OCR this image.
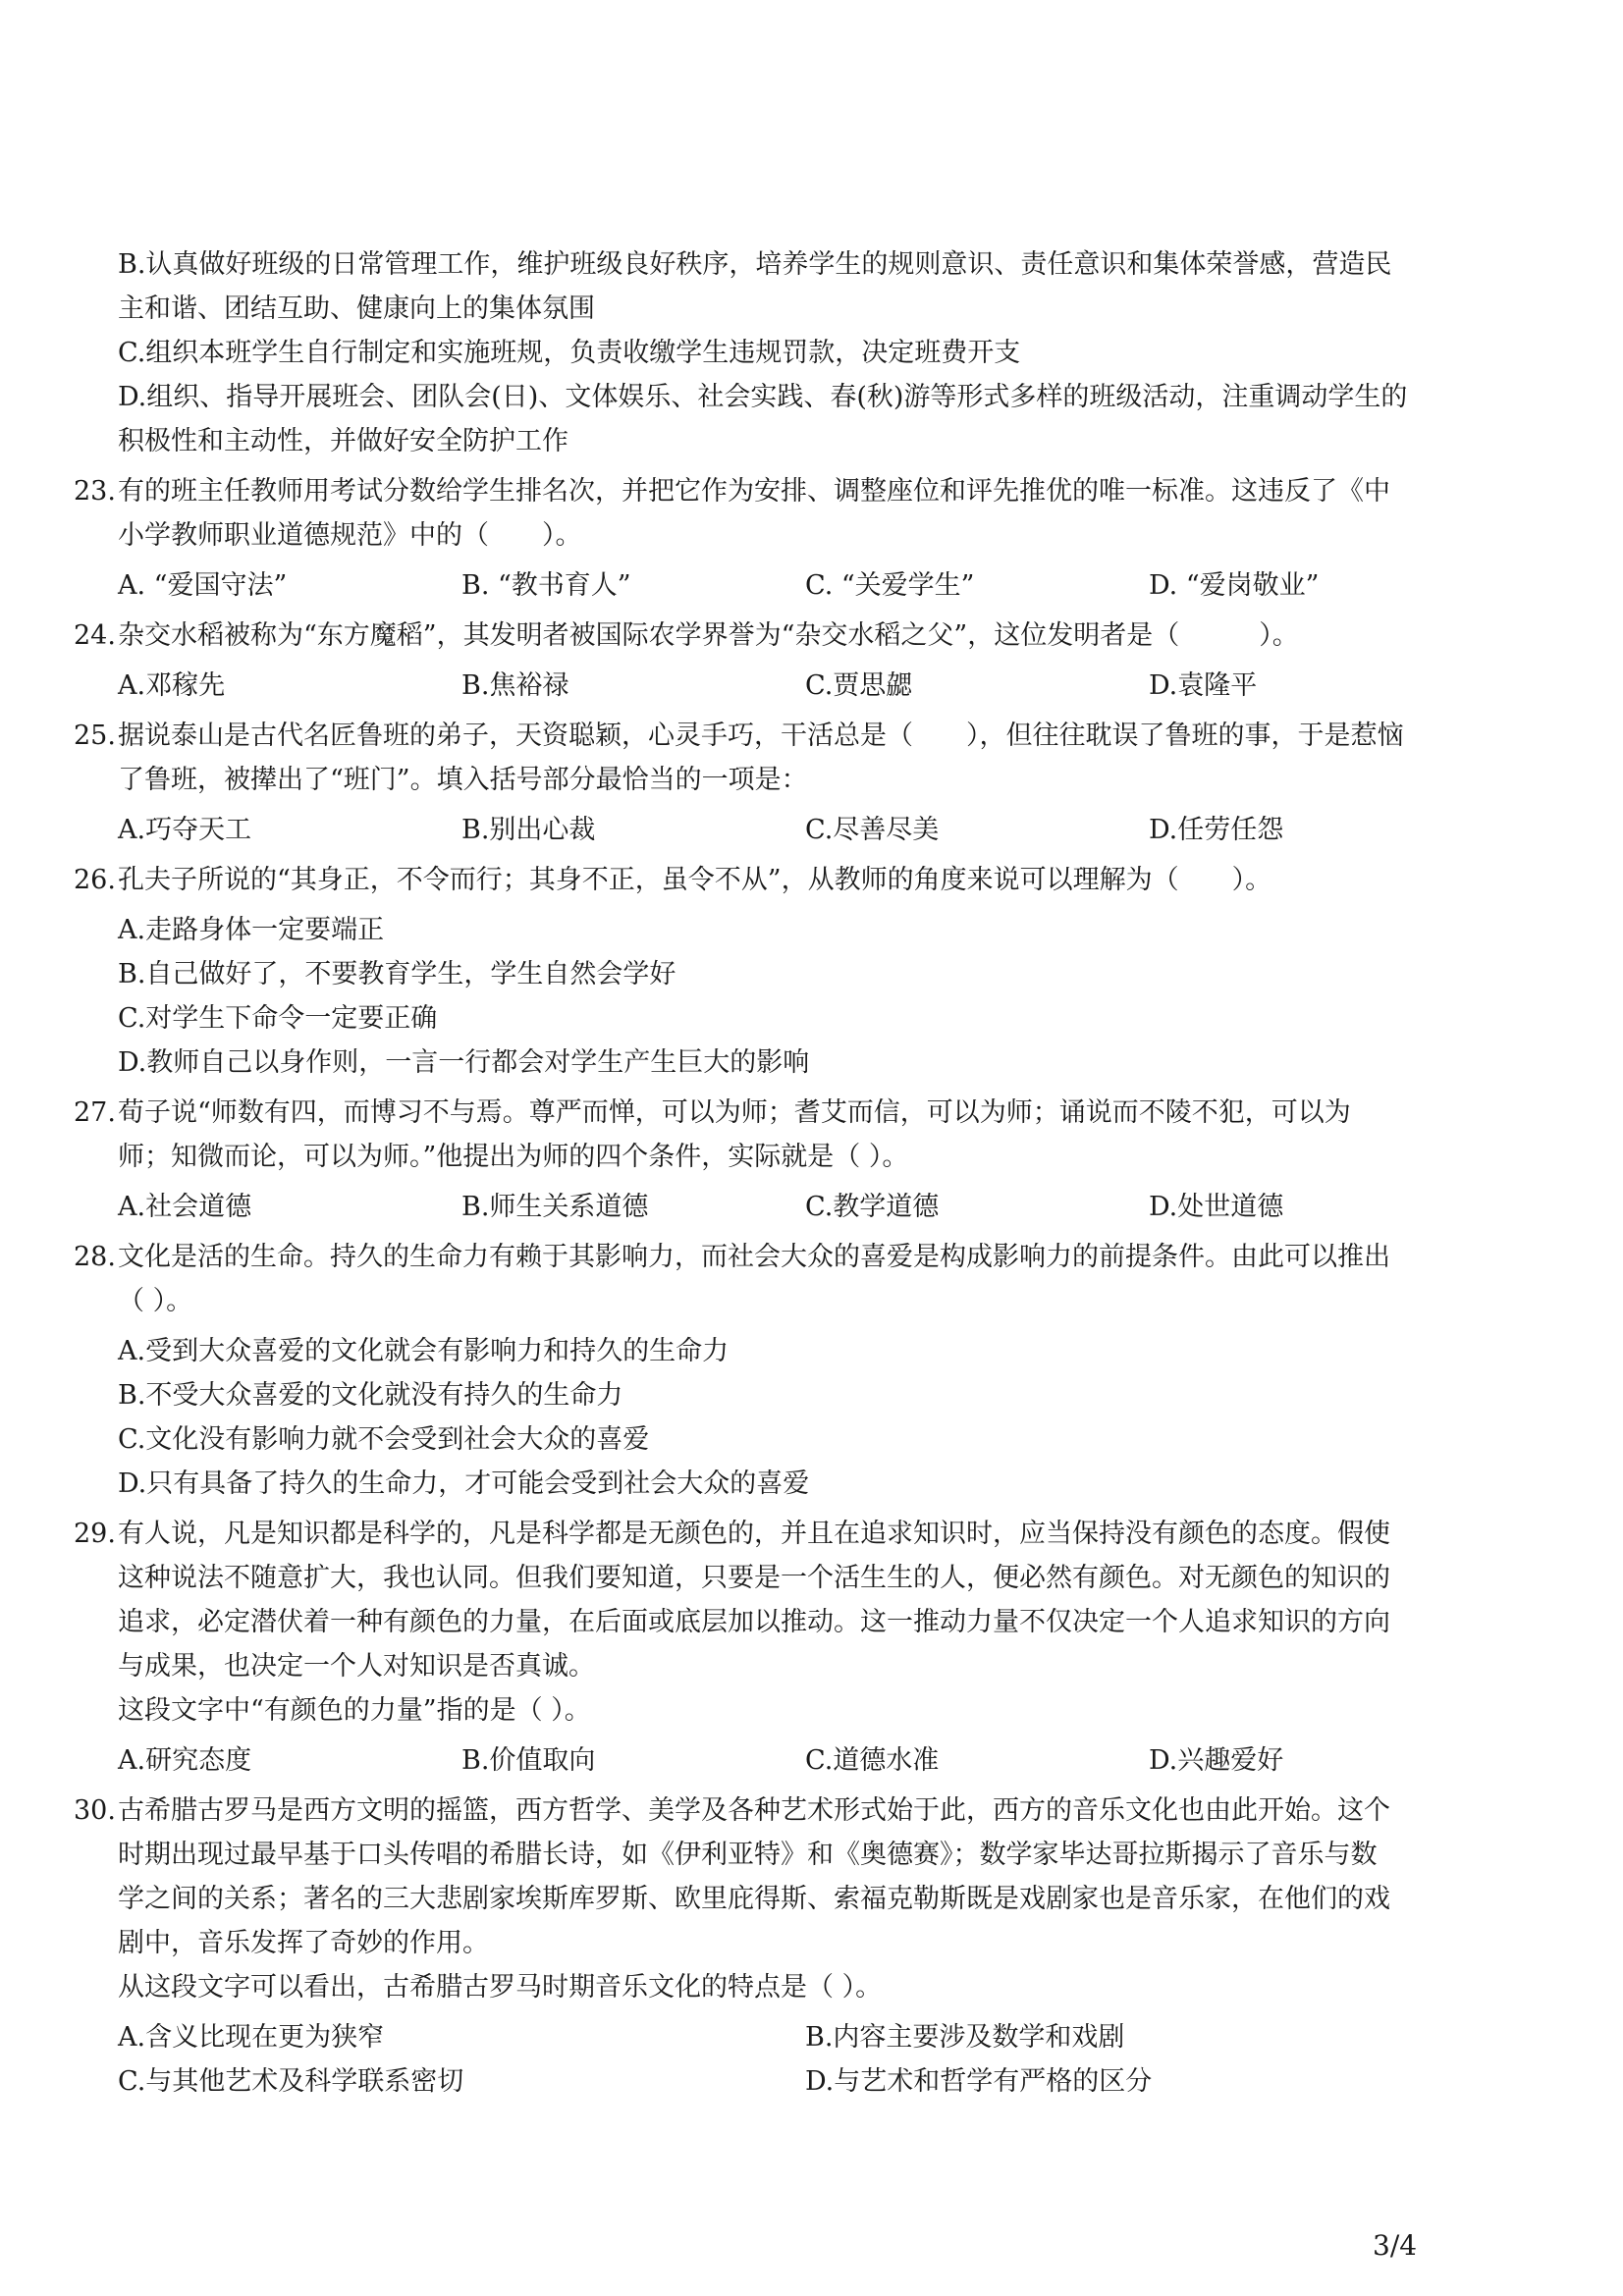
B.认真做好班级的日常管理工作，维护班级良好秩序，培养学生的规则意识、责任意识和集体荣誉感，营造民
主和谐、团结互助、健康向上的集体氛围
C.组织本班学生自行制定和实施班规，负责收缴学生违规罚款，决定班费开支
D.组织、指导开展班会、团队会(日)、文体娱乐、社会实践、春(秋)游等形式多样的班级活动，注重调动学生的
积极性和主动性，并做好安全防护工作
23. 有的班主任教师用考试分数给学生排名次，并把它作为安排、调整座位和评先推优的唯一标准。这违反了《中
小学教师职业道德规范》中的（　　）。
A. “爱国守法”	B. “教书育人”	C. “关爱学生”	D. “爱岗敬业”
24. 杂交水稻被称为“东方魔稻”，其发明者被国际农学界誉为“杂交水稻之父”，这位发明者是（　　　）。
A.邓稼先	B.焦裕禄	C.贾思勰	D.袁隆平
25. 据说泰山是古代名匠鲁班的弟子，天资聪颖，心灵手巧，干活总是（　　），但往往耽误了鲁班的事，于是惹恼
了鲁班，被撵出了“班门”。填入括号部分最恰当的一项是：
A.巧夺天工	B.别出心裁	C.尽善尽美	D.任劳任怨
26. 孔夫子所说的“其身正，不令而行；其身不正，虽令不从”，从教师的角度来说可以理解为（　　）。
A.走路身体一定要端正
B.自己做好了，不要教育学生，学生自然会学好
C.对学生下命令一定要正确
D.教师自己以身作则，一言一行都会对学生产生巨大的影响
27. 荀子说“师数有四，而博习不与焉。尊严而惮，可以为师；耆艾而信，可以为师；诵说而不陵不犯，可以为
师；知微而论，可以为师。”他提出为师的四个条件，实际就是（ ）。
A.社会道德	B.师生关系道德	C.教学道德	D.处世道德
28. 文化是活的生命。持久的生命力有赖于其影响力，而社会大众的喜爱是构成影响力的前提条件。由此可以推出
（ ）。
A.受到大众喜爱的文化就会有影响力和持久的生命力
B.不受大众喜爱的文化就没有持久的生命力
C.文化没有影响力就不会受到社会大众的喜爱
D.只有具备了持久的生命力，才可能会受到社会大众的喜爱
29. 有人说，凡是知识都是科学的，凡是科学都是无颜色的，并且在追求知识时，应当保持没有颜色的态度。假使
这种说法不随意扩大，我也认同。但我们要知道，只要是一个活生生的人，便必然有颜色。对无颜色的知识的
追求，必定潜伏着一种有颜色的力量，在后面或底层加以推动。这一推动力量不仅决定一个人追求知识的方向
与成果，也决定一个人对知识是否真诚。
这段文字中“有颜色的力量”指的是（ ）。
A.研究态度	B.价值取向	C.道德水准	D.兴趣爱好
30. 古希腊古罗马是西方文明的摇篮，西方哲学、美学及各种艺术形式始于此，西方的音乐文化也由此开始。这个
时期出现过最早基于口头传唱的希腊长诗，如《伊利亚特》和《奥德赛》；数学家毕达哥拉斯揭示了音乐与数
学之间的关系；著名的三大悲剧家埃斯库罗斯、欧里庇得斯、索福克勒斯既是戏剧家也是音乐家，在他们的戏
剧中，音乐发挥了奇妙的作用。
从这段文字可以看出，古希腊古罗马时期音乐文化的特点是（ ）。
A.含义比现在更为狭窄	B.内容主要涉及数学和戏剧
C.与其他艺术及科学联系密切	D.与艺术和哲学有严格的区分
3/4
